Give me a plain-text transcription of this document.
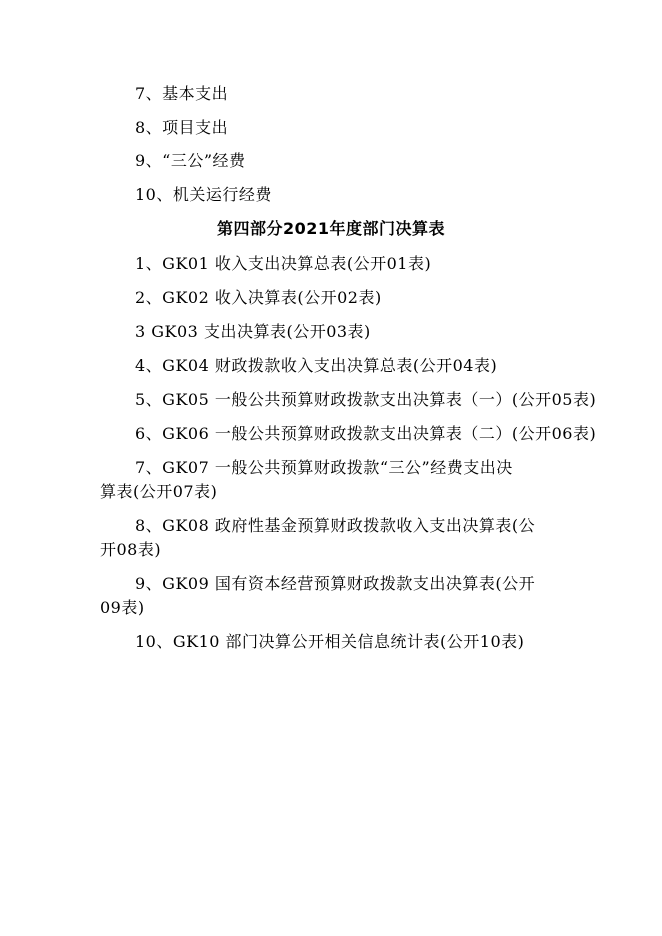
7、基本支出
8、项目支出
9、“三公”经费
10、机关运行经费
第四部分2021年度部门决算表
1、GK01 收入支出决算总表(公开01表)
2、GK02 收入决算表(公开02表)
3 GK03 支出决算表(公开03表)
4、GK04 财政拨款收入支出决算总表(公开04表)
5、GK05 一般公共预算财政拨款支出决算表（一）(公开05表)
6、GK06 一般公共预算财政拨款支出决算表（二）(公开06表)
7、GK07 一般公共预算财政拨款“三公”经费支出决
算表(公开07表)
8、GK08 政府性基金预算财政拨款收入支出决算表(公
开08表)
9、GK09 国有资本经营预算财政拨款支出决算表(公开
09表)
10、GK10 部门决算公开相关信息统计表(公开10表)
